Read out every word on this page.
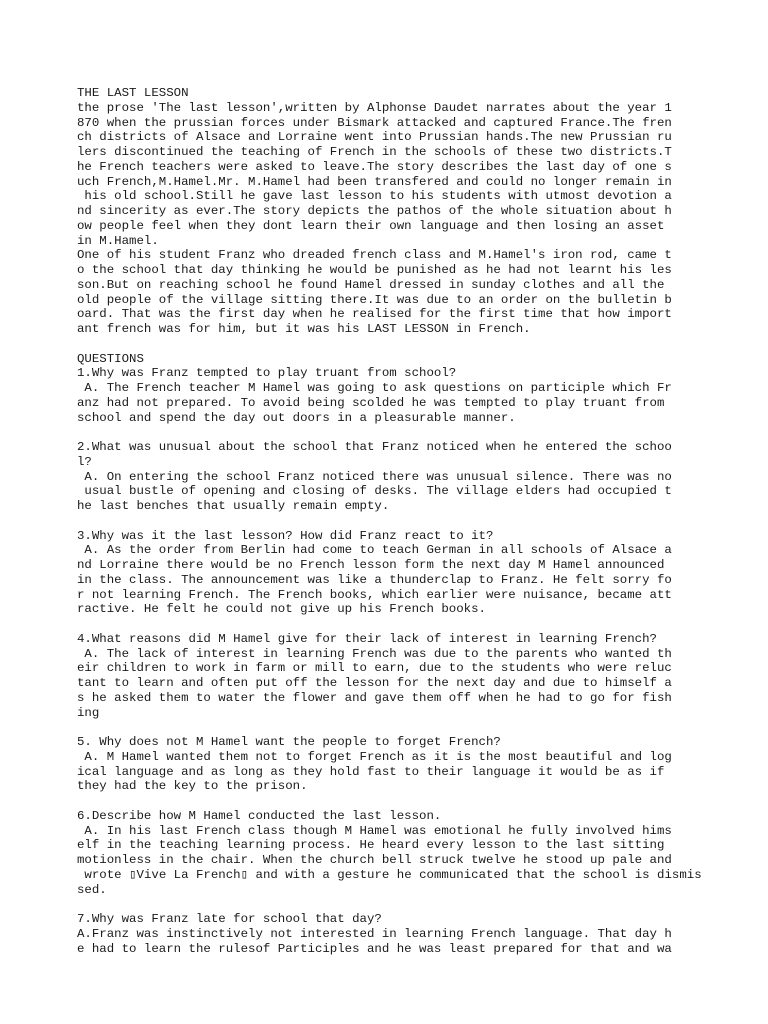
THE LAST LESSON
the prose 'The last lesson',written by Alphonse Daudet narrates about the year 1
870 when the prussian forces under Bismark attacked and captured France.The fren
ch districts of Alsace and Lorraine went into Prussian hands.The new Prussian ru
lers discontinued the teaching of French in the schools of these two districts.T
he French teachers were asked to leave.The story describes the last day of one s
uch French,M.Hamel.Mr. M.Hamel had been transfered and could no longer remain in
his old school.Still he gave last lesson to his students with utmost devotion a
nd sincerity as ever.The story depicts the pathos of the whole situation about h
ow people feel when they dont learn their own language and then losing an asset
in M.Hamel.
One of his student Franz who dreaded french class and M.Hamel's iron rod, came t
o the school that day thinking he would be punished as he had not learnt his les
son.But on reaching school he found Hamel dressed in sunday clothes and all the
old people of the village sitting there.It was due to an order on the bulletin b
oard. That was the first day when he realised for the first time that how import
ant french was for him, but it was his LAST LESSON in French.
QUESTIONS
1.Why was Franz tempted to play truant from school?
A. The French teacher M Hamel was going to ask questions on participle which Fr
anz had not prepared. To avoid being scolded he was tempted to play truant from
school and spend the day out doors in a pleasurable manner.
2.What was unusual about the school that Franz noticed when he entered the schoo
l?
A. On entering the school Franz noticed there was unusual silence. There was no
usual bustle of opening and closing of desks. The village elders had occupied t
he last benches that usually remain empty.
3.Why was it the last lesson? How did Franz react to it?
A. As the order from Berlin had come to teach German in all schools of Alsace a
nd Lorraine there would be no French lesson form the next day M Hamel announced
in the class. The announcement was like a thunderclap to Franz. He felt sorry fo
r not learning French. The French books, which earlier were nuisance, became att
ractive. He felt he could not give up his French books.
4.What reasons did M Hamel give for their lack of interest in learning French?
A. The lack of interest in learning French was due to the parents who wanted th
eir children to work in farm or mill to earn, due to the students who were reluc
tant to learn and often put off the lesson for the next day and due to himself a
s he asked them to water the flower and gave them off when he had to go for fish
ing
5. Why does not M Hamel want the people to forget French?
A. M Hamel wanted them not to forget French as it is the most beautiful and log
ical language and as long as they hold fast to their language it would be as if
they had the key to the prison.
6.Describe how M Hamel conducted the last lesson.
A. In his last French class though M Hamel was emotional he fully involved hims
elf in the teaching learning process. He heard every lesson to the last sitting
motionless in the chair. When the church bell struck twelve he stood up pale and
wrote ▯Vive La French▯ and with a gesture he communicated that the school is dismis
sed.
7.Why was Franz late for school that day?
A.Franz was instinctively not interested in learning French language. That day h
e had to learn the rulesof Participles and he was least prepared for that and wa
